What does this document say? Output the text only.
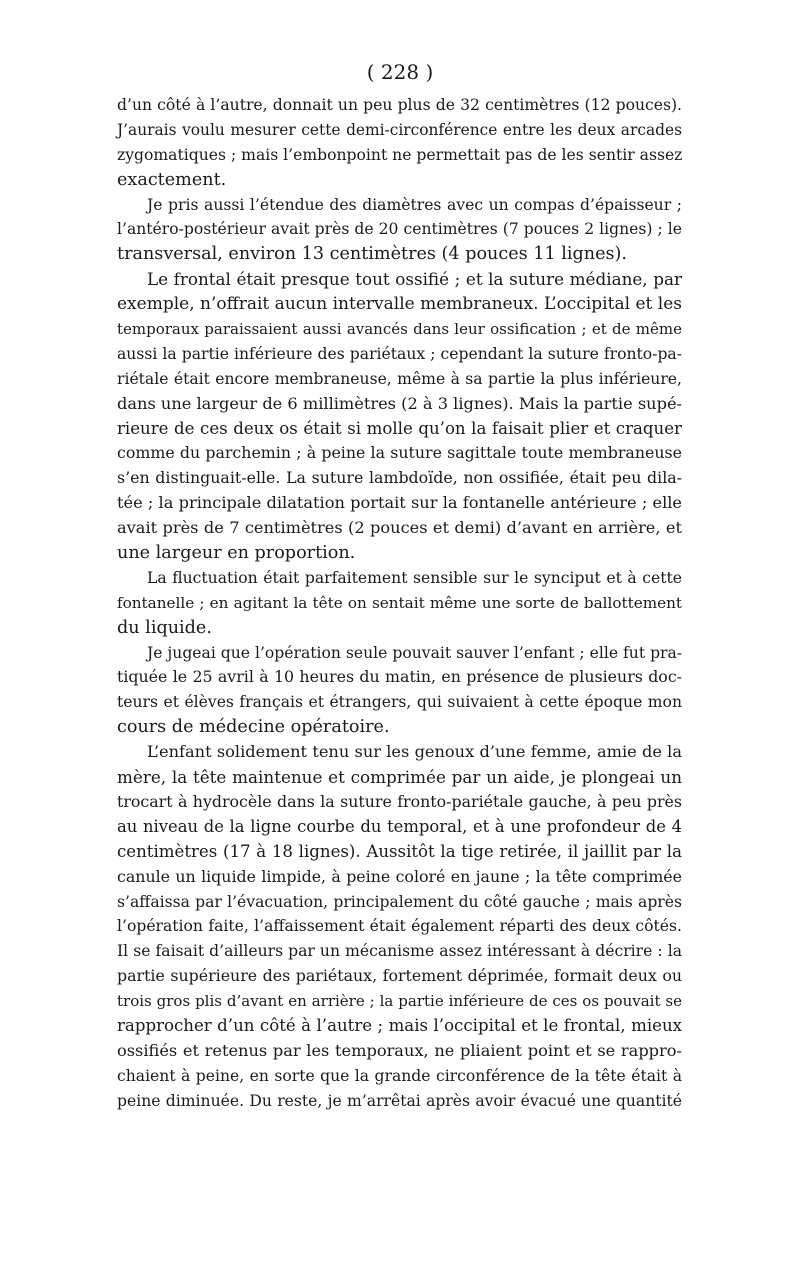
( 228 )
d’un côté à l’autre, donnait un peu plus de 32 centimètres (12 pouces).
J’aurais voulu mesurer cette demi-circonférence entre les deux arcades
zygomatiques ; mais l’embonpoint ne permettait pas de les sentir assez
exactement.
Je pris aussi l’étendue des diamètres avec un compas d’épaisseur ;
l’antéro-postérieur avait près de 20 centimètres (7 pouces 2 lignes) ; le
transversal, environ 13 centimètres (4 pouces 11 lignes).
Le frontal était presque tout ossifié ; et la suture médiane, par
exemple, n’offrait aucun intervalle membraneux. L’occipital et les
temporaux paraissaient aussi avancés dans leur ossification ; et de même
aussi la partie inférieure des pariétaux ; cependant la suture fronto-pa-
riétale était encore membraneuse, même à sa partie la plus inférieure,
dans une largeur de 6 millimètres (2 à 3 lignes). Mais la partie supé-
rieure de ces deux os était si molle qu’on la faisait plier et craquer
comme du parchemin ; à peine la suture sagittale toute membraneuse
s’en distinguait-elle. La suture lambdoïde, non ossifiée, était peu dila-
tée ; la principale dilatation portait sur la fontanelle antérieure ; elle
avait près de 7 centimètres (2 pouces et demi) d’avant en arrière, et
une largeur en proportion.
La fluctuation était parfaitement sensible sur le synciput et à cette
fontanelle ; en agitant la tête on sentait même une sorte de ballottement
du liquide.
Je jugeai que l’opération seule pouvait sauver l’enfant ; elle fut pra-
tiquée le 25 avril à 10 heures du matin, en présence de plusieurs doc-
teurs et élèves français et étrangers, qui suivaient à cette époque mon
cours de médecine opératoire.
L’enfant solidement tenu sur les genoux d’une femme, amie de la
mère, la tête maintenue et comprimée par un aide, je plongeai un
trocart à hydrocèle dans la suture fronto-pariétale gauche, à peu près
au niveau de la ligne courbe du temporal, et à une profondeur de 4
centimètres (17 à 18 lignes). Aussitôt la tige retirée, il jaillit par la
canule un liquide limpide, à peine coloré en jaune ; la tête comprimée
s’affaissa par l’évacuation, principalement du côté gauche ; mais après
l’opération faite, l’affaissement était également réparti des deux côtés.
Il se faisait d’ailleurs par un mécanisme assez intéressant à décrire : la
partie supérieure des pariétaux, fortement déprimée, formait deux ou
trois gros plis d’avant en arrière ; la partie inférieure de ces os pouvait se
rapprocher d’un côté à l’autre ; mais l’occipital et le frontal, mieux
ossifiés et retenus par les temporaux, ne pliaient point et se rappro-
chaient à peine, en sorte que la grande circonférence de la tête était à
peine diminuée. Du reste, je m’arrêtai après avoir évacué une quantité
